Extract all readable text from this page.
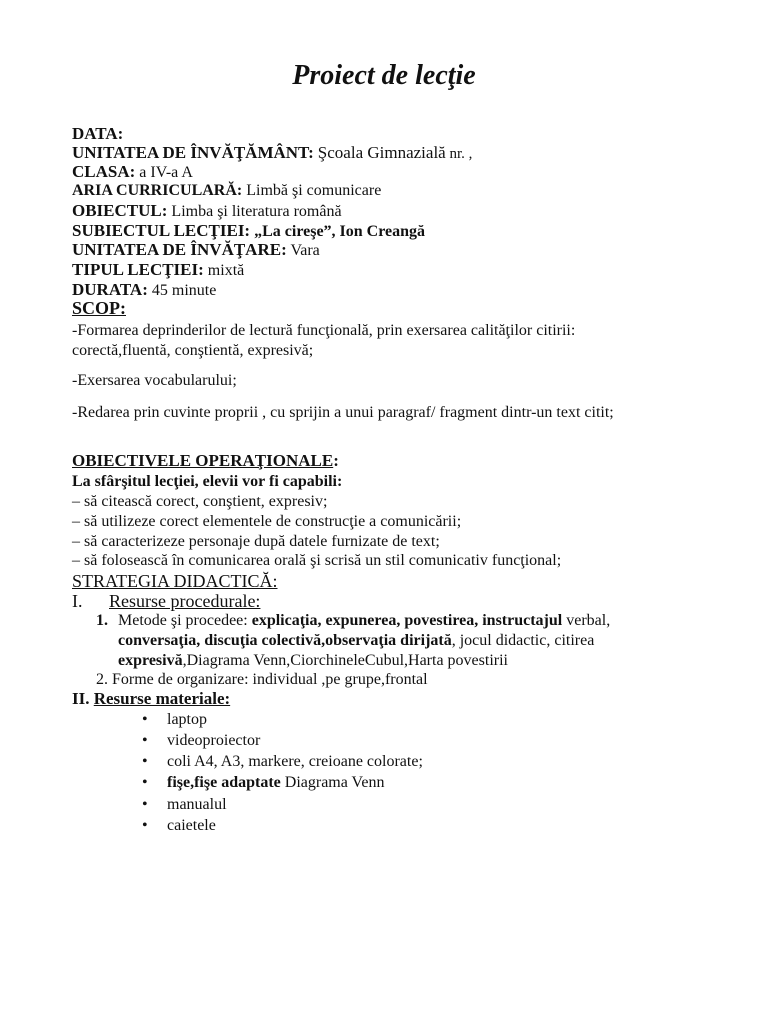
Proiect de lecţie
DATA:
UNITATEA DE ÎNVĂŢĂMÂNT: Şcoala Gimnazială nr. ,
CLASA: a IV-a A
ARIA CURRICULARĂ: Limbă şi comunicare
OBIECTUL: Limba şi literatura română
SUBIECTUL LECŢIEI: „La cireşe”, Ion Creangă
UNITATEA DE ÎNVĂŢARE: Vara
TIPUL LECŢIEI: mixtă
DURATA: 45 minute
SCOP:
-Formarea deprinderilor de lectură funcţională, prin exersarea calităţilor citirii:
corectă,fluentă, conştientă, expresivă;
-Exersarea vocabularului;
-Redarea prin cuvinte proprii , cu sprijin a unui paragraf/ fragment dintr-un text citit;
OBIECTIVELE OPERAŢIONALE:
La sfârşitul lecţiei, elevii vor fi capabili:
– să citească corect, conştient, expresiv;
– să utilizeze corect elementele de construcţie a comunicării;
– să caracterizeze personaje după datele furnizate de text;
– să folosească în comunicarea orală şi scrisă un stil comunicativ funcţional;
STRATEGIA DIDACTICĂ:
I. Resurse procedurale:
1. Metode şi procedee: explicaţia, expunerea, povestirea, instructajul verbal,
conversaţia, discuţia colectivă,observaţia dirijată, jocul didactic, citirea
expresivă,Diagrama Venn,CiorchineleCubul,Harta povestirii
2. Forme de organizare: individual ,pe grupe,frontal
II. Resurse materiale:
•	laptop
•	videoproiector
•	coli A4, A3, markere, creioane colorate;
•	fişe,fişe adaptate Diagrama Venn
•	manualul
•	caietele
